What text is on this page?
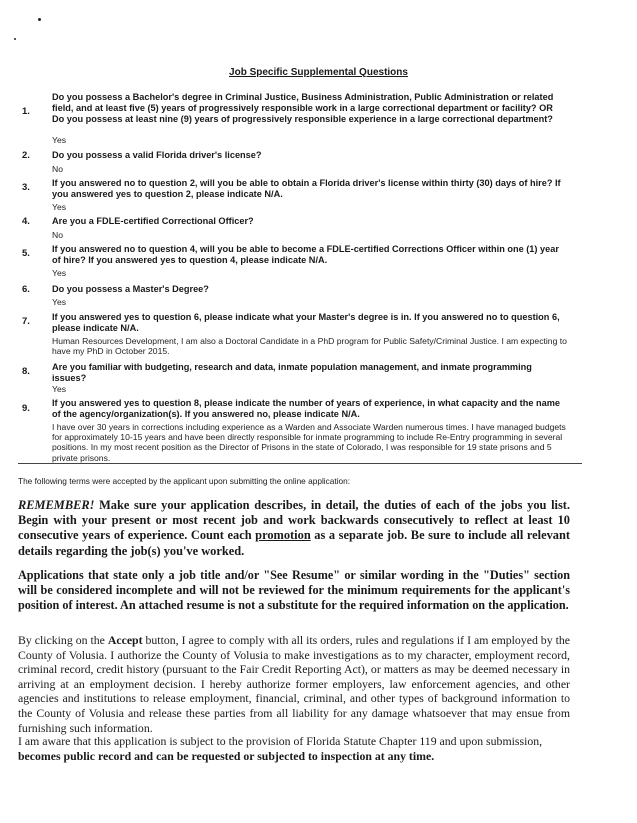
Job Specific Supplemental Questions
1.
Do you possess a Bachelor's degree in Criminal Justice, Business Administration, Public Administration or related field, and at least five (5) years of progressively responsible work in a large correctional department or facility? OR Do you possess at least nine (9) years of progressively responsible experience in a large correctional department?
Yes
2.	Do you possess a valid Florida driver's license?
No
3.	If you answered no to question 2, will you be able to obtain a Florida driver's license within thirty (30) days of hire? If you answered yes to question 2, please indicate N/A.
Yes
4.	Are you a FDLE-certified Correctional Officer?
No
5.	If you answered no to question 4, will you be able to become a FDLE-certified Corrections Officer within one (1) year of hire? If you answered yes to question 4, please indicate N/A.
Yes
6.	Do you possess a Master's Degree?
Yes
7.	If you answered yes to question 6, please indicate what your Master's degree is in. If you answered no to question 6, please indicate N/A.
Human Resources Development, I am also a Doctoral Candidate in a PhD program for Public Safety/Criminal Justice. I am expecting to have my PhD in October 2015.
8.	Are you familiar with budgeting, research and data, inmate population management, and inmate programming issues?
Yes
9.	If you answered yes to question 8, please indicate the number of years of experience, in what capacity and the name of the agency/organization(s). If you answered no, please indicate N/A.
I have over 30 years in corrections including experience as a Warden and Associate Warden numerous times. I have managed budgets for approximately 10-15 years and have been directly responsible for inmate programming to include Re-Entry programming in several positions. In my most recent position as the Director of Prisons in the state of Colorado, I was responsible for 19 state prisons and 5 private prisons.
The following terms were accepted by the applicant upon submitting the online application:
REMEMBER! Make sure your application describes, in detail, the duties of each of the jobs you list. Begin with your present or most recent job and work backwards consecutively to reflect at least 10 consecutive years of experience. Count each promotion as a separate job. Be sure to include all relevant details regarding the job(s) you've worked.
Applications that state only a job title and/or "See Resume" or similar wording in the "Duties" section will be considered incomplete and will not be reviewed for the minimum requirements for the applicant's position of interest. An attached resume is not a substitute for the required information on the application.
By clicking on the Accept button, I agree to comply with all its orders, rules and regulations if I am employed by the County of Volusia. I authorize the County of Volusia to make investigations as to my character, employment record, criminal record, credit history (pursuant to the Fair Credit Reporting Act), or matters as may be deemed necessary in arriving at an employment decision. I hereby authorize former employers, law enforcement agencies, and other agencies and institutions to release employment, financial, criminal, and other types of background information to the County of Volusia and release these parties from all liability for any damage whatsoever that may ensue from furnishing such information.
I am aware that this application is subject to the provision of Florida Statute Chapter 119 and upon submission, becomes public record and can be requested or subjected to inspection at any time.
